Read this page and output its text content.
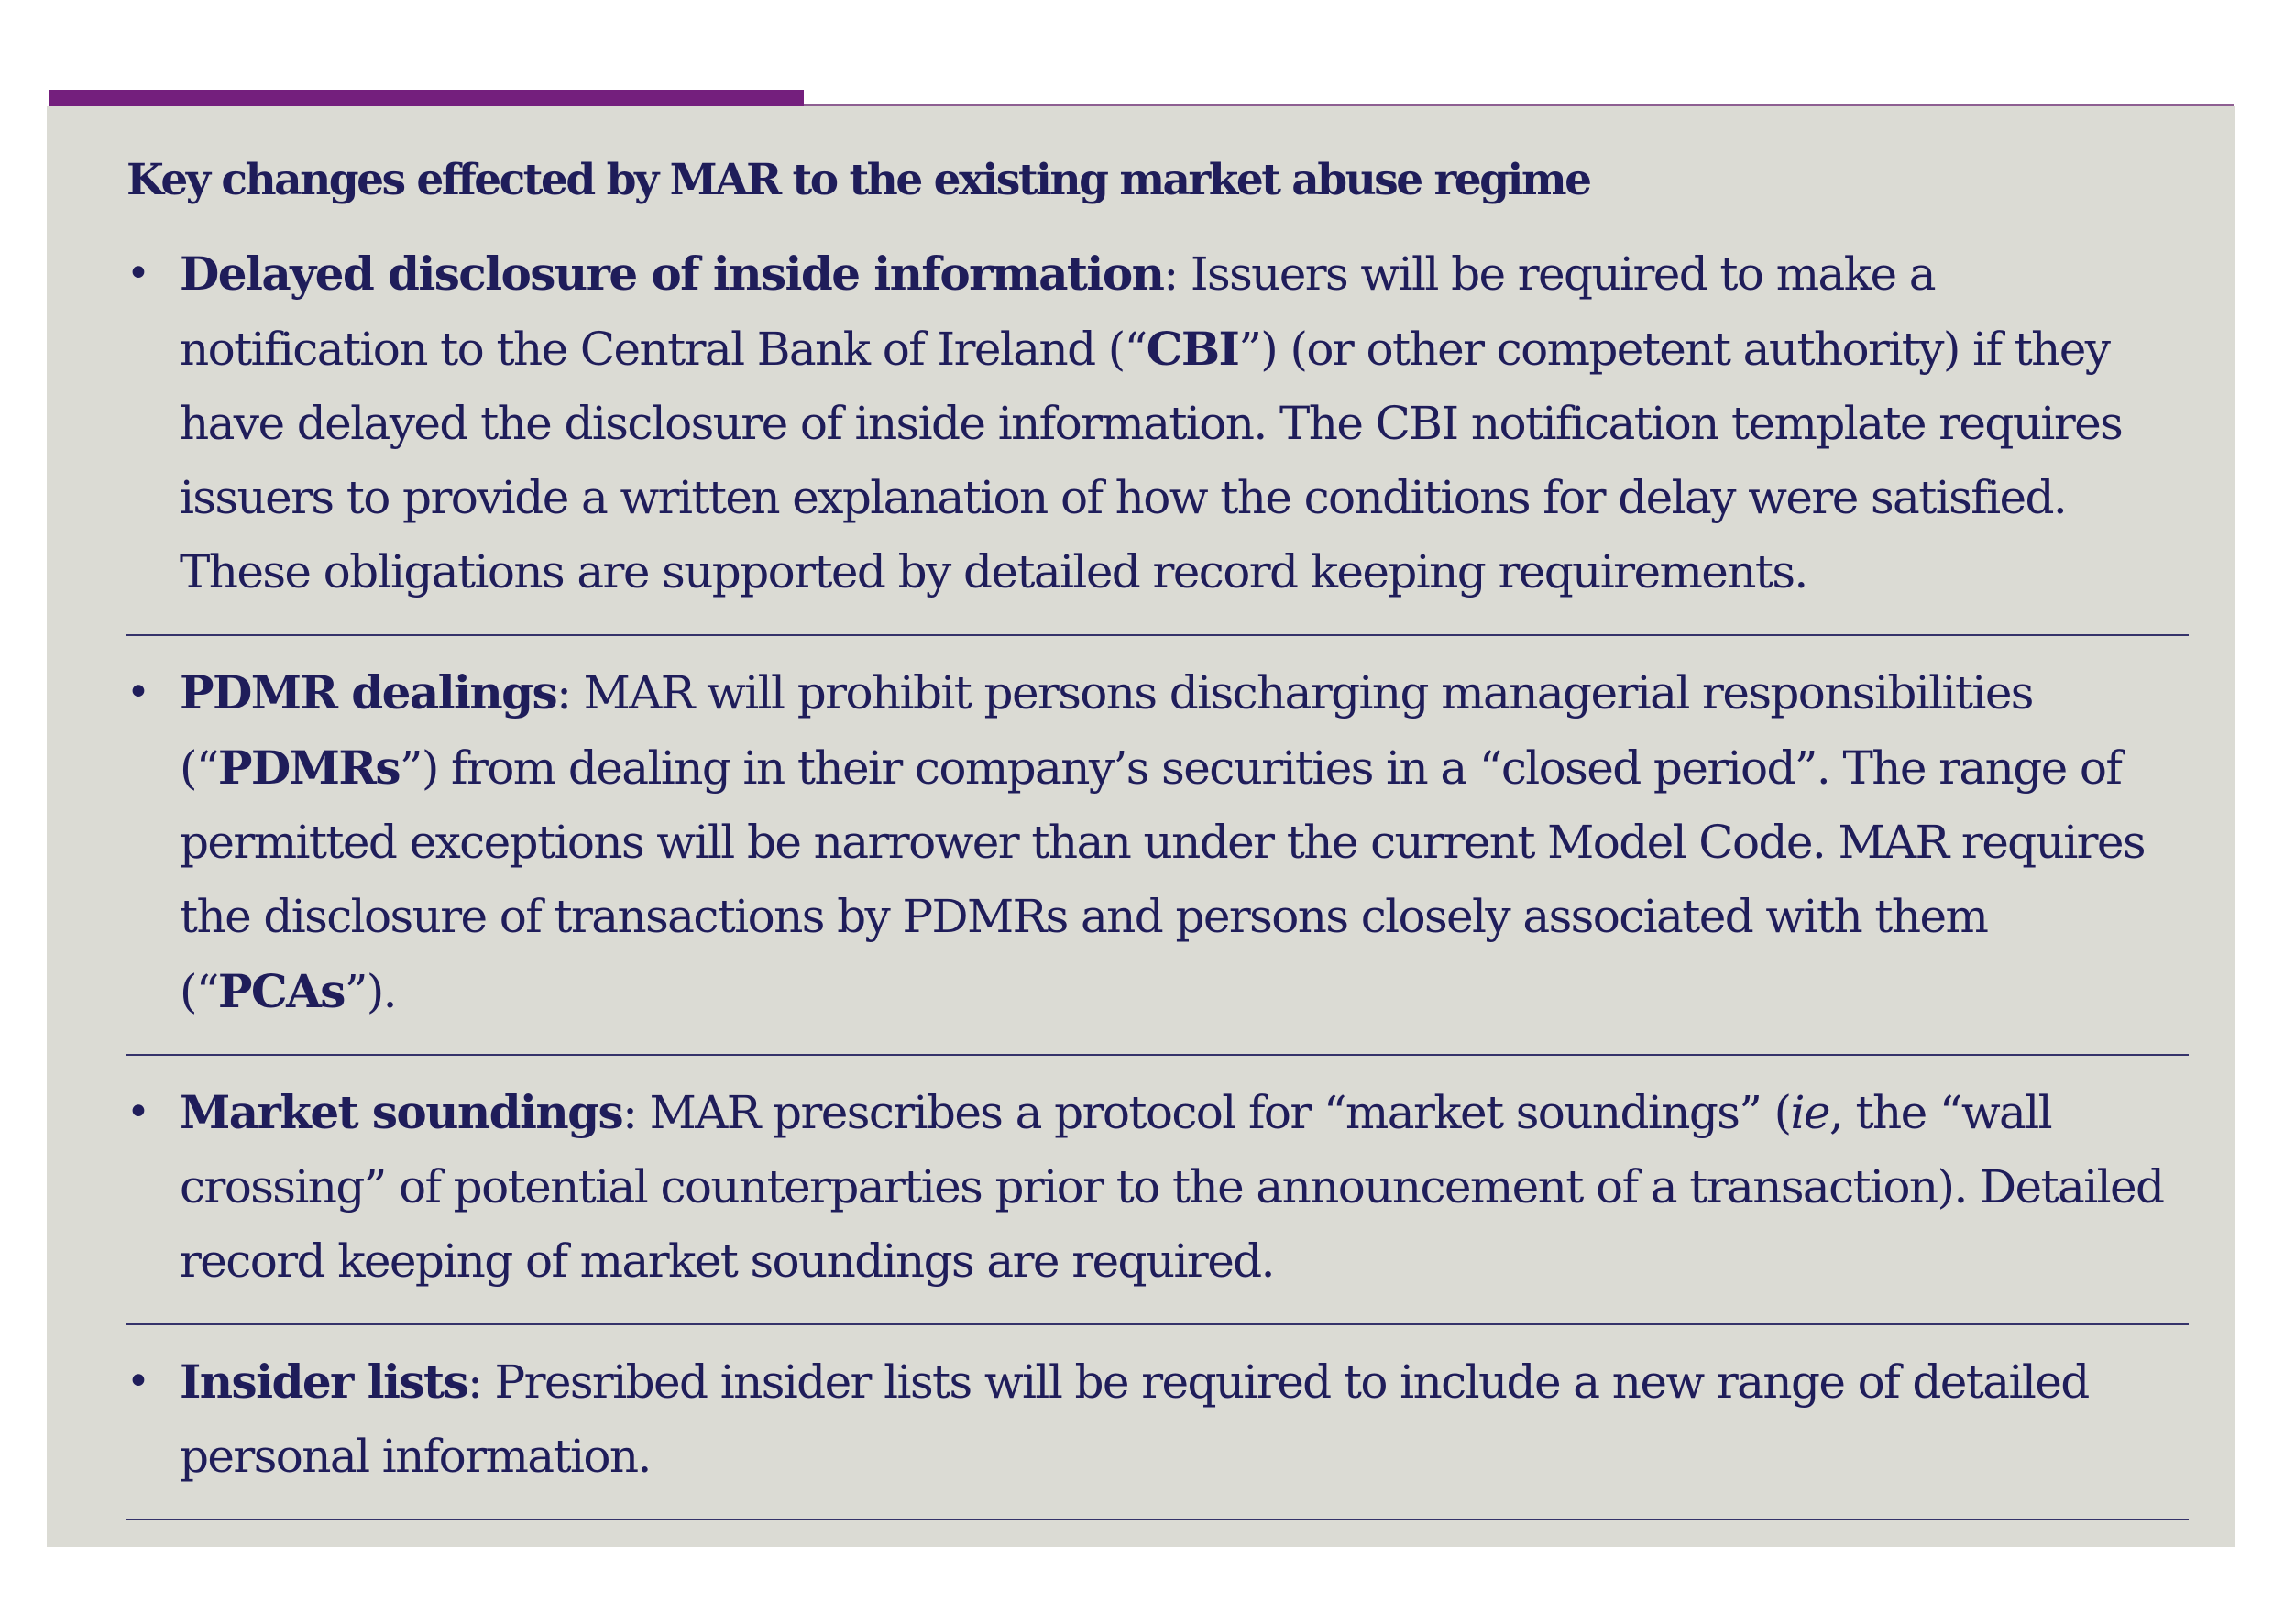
Key changes effected by MAR to the existing market abuse regime
• Delayed disclosure of inside information: Issuers will be required to make a notification to the Central Bank of Ireland (“CBI”) (or other competent authority) if they have delayed the disclosure of inside information. The CBI notification template requires issuers to provide a written explanation of how the conditions for delay were satisfied. These obligations are supported by detailed record keeping requirements.

• PDMR dealings: MAR will prohibit persons discharging managerial responsibilities (“PDMRs”) from dealing in their company’s securities in a “closed period”. The range of permitted exceptions will be narrower than under the current Model Code. MAR requires the disclosure of transactions by PDMRs and persons closely associated with them (“PCAs”).

• Market soundings: MAR prescribes a protocol for “market soundings” (ie, the “wall crossing” of potential counterparties prior to the announcement of a transaction). Detailed record keeping of market soundings are required.

• Insider lists: Presribed insider lists will be required to include a new range of detailed personal information.
